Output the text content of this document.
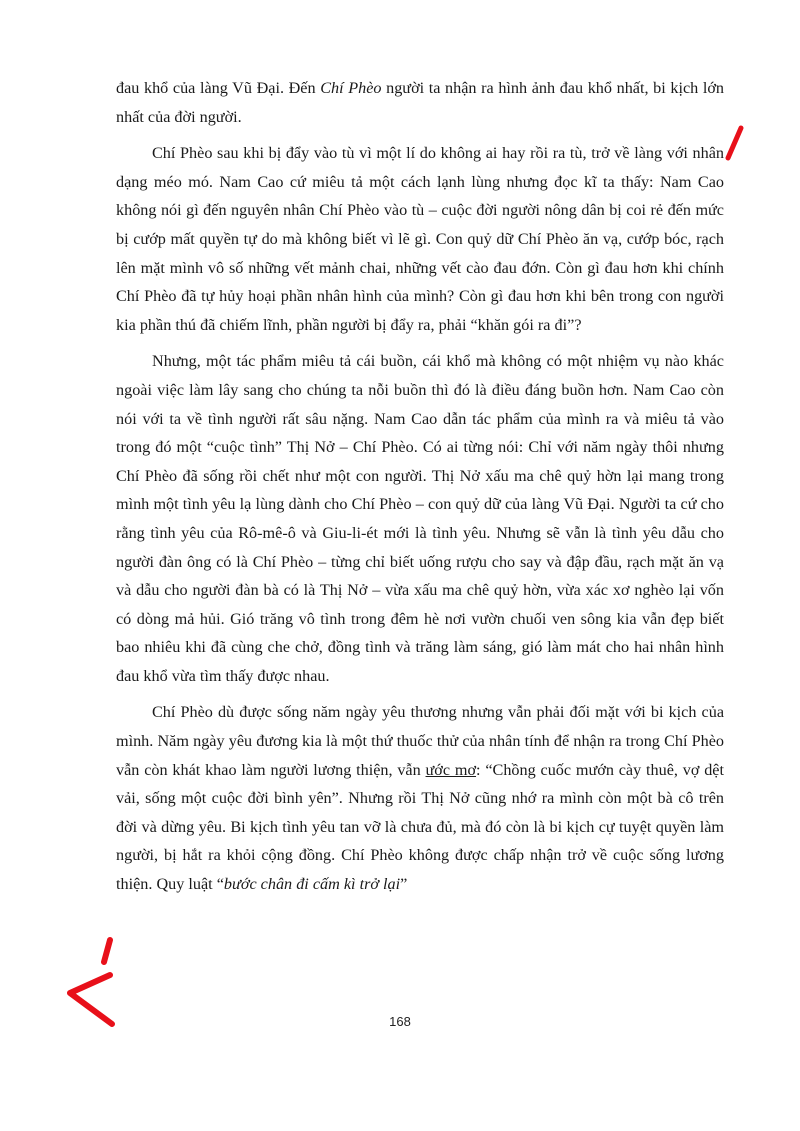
đau khổ của làng Vũ Đại. Đến Chí Phèo người ta nhận ra hình ảnh đau khổ nhất, bi kịch lớn nhất của đời người.

Chí Phèo sau khi bị đẩy vào tù vì một lí do không ai hay rồi ra tù, trở về làng với nhân dạng méo mó. Nam Cao cứ miêu tả một cách lạnh lùng nhưng đọc kĩ ta thấy: Nam Cao không nói gì đến nguyên nhân Chí Phèo vào tù – cuộc đời người nông dân bị coi rẻ đến mức bị cướp mất quyền tự do mà không biết vì lẽ gì. Con quỷ dữ Chí Phèo ăn vạ, cướp bóc, rạch lên mặt mình vô số những vết mảnh chai, những vết cào đau đớn. Còn gì đau hơn khi chính Chí Phèo đã tự hủy hoại phần nhân hình của mình? Còn gì đau hơn khi bên trong con người kia phần thú đã chiếm lĩnh, phần người bị đẩy ra, phải “khăn gói ra đi”?

Nhưng, một tác phẩm miêu tả cái buồn, cái khổ mà không có một nhiệm vụ nào khác ngoài việc làm lây sang cho chúng ta nỗi buồn thì đó là điều đáng buồn hơn. Nam Cao còn nói với ta về tình người rất sâu nặng. Nam Cao dẫn tác phẩm của mình ra và miêu tả vào trong đó một “cuộc tình” Thị Nở – Chí Phèo. Có ai từng nói: Chỉ với năm ngày thôi nhưng Chí Phèo đã sống rồi chết như một con người. Thị Nở xấu ma chê quỷ hờn lại mang trong mình một tình yêu lạ lùng dành cho Chí Phèo – con quỷ dữ của làng Vũ Đại. Người ta cứ cho rằng tình yêu của Rô-mê-ô và Giu-li-ét mới là tình yêu. Nhưng sẽ vẫn là tình yêu dẫu cho người đàn ông có là Chí Phèo – từng chỉ biết uống rượu cho say và đập đầu, rạch mặt ăn vạ và dẫu cho người đàn bà có là Thị Nở – vừa xấu ma chê quỷ hờn, vừa xác xơ nghèo lại vốn có dòng mả hủi. Gió trăng vô tình trong đêm hè nơi vườn chuối ven sông kia vẫn đẹp biết bao nhiêu khi đã cùng che chở, đồng tình và trăng làm sáng, gió làm mát cho hai nhân hình đau khổ vừa tìm thấy được nhau.

Chí Phèo dù được sống năm ngày yêu thương nhưng vẫn phải đối mặt với bi kịch của mình. Năm ngày yêu đương kia là một thứ thuốc thử của nhân tính để nhận ra trong Chí Phèo vẫn còn khát khao làm người lương thiện, vẫn ước mơ: “Chồng cuốc mướn cày thuê, vợ dệt vải, sống một cuộc đời bình yên”. Nhưng rồi Thị Nở cũng nhớ ra mình còn một bà cô trên đời và dừng yêu. Bi kịch tình yêu tan vỡ là chưa đủ, mà đó còn là bi kịch cự tuyệt quyền làm người, bị hắt ra khỏi cộng đồng. Chí Phèo không được chấp nhận trở về cuộc sống lương thiện. Quy luật “bước chân đi cấm kì trở lại”

168
